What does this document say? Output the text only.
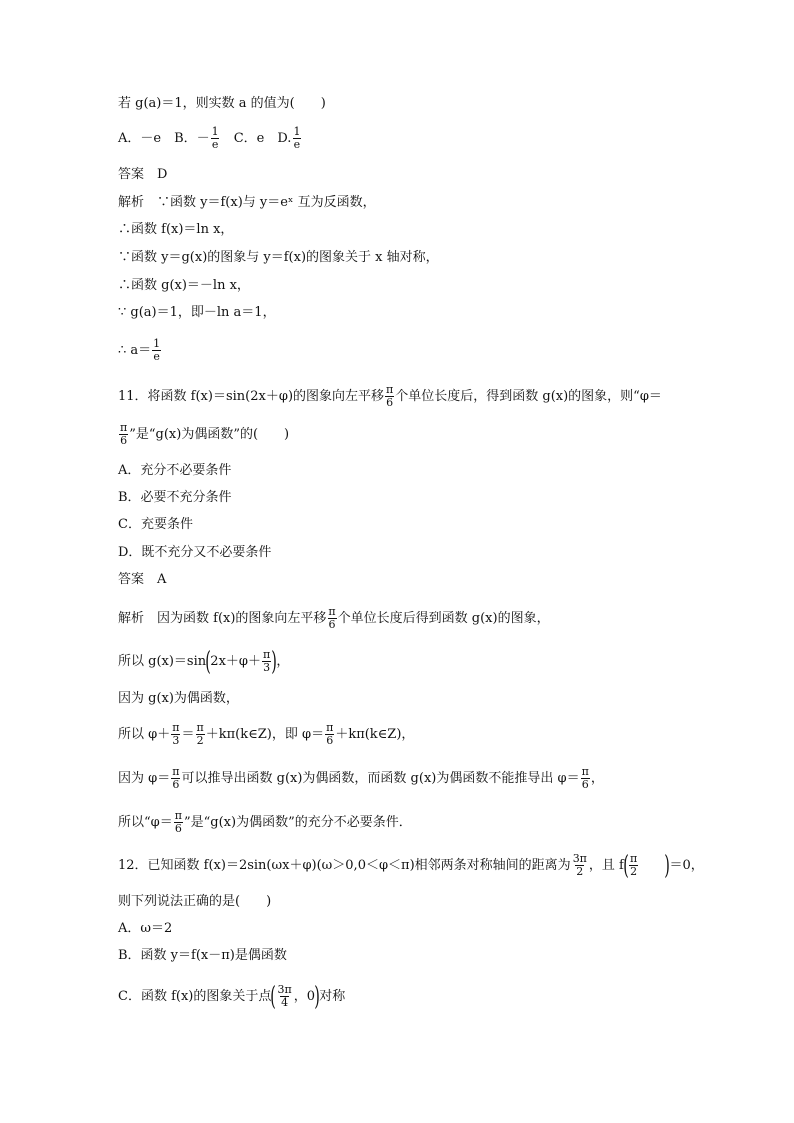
若 g(a)＝1，则实数 a 的值为(　　)
A．－e　 B．－ $\frac{1}{e}$
　 C．e　 D. $\frac{1}{e}$
答案　D
解析　∵函数 y＝f(x)与 y＝eˣ 互为反函数，
∴函数 f(x)＝ln x，
∵函数 y＝g(x)的图象与 y＝f(x)的图象关于 x 轴对称，
∴函数 g(x)＝－ln x，
∵ g(a)＝1，即－ln a＝1，
∴ $a= \frac{1}{e}$
11．将函数 f(x)＝sin(2x＋φ)的图象向左平移 $\frac{\pi}{6}$ 个单位长度后，得到函数 g(x)的图象，则“φ＝
$\frac{\pi}{6}$ ”是“g(x)为偶函数”的(　　)
A．充分不必要条件
B．必要不充分条件
C．充要条件
D．既不充分又不必要条件
答案　A
解析　因为函数 f(x)的图象向左平移 $\frac{\pi}{6}$ 个单位长度后得到函数 g(x)的图象，
所以 $g(x)=\sin(2x+\varphi+ \frac{\pi}{3}$ )，
因为 g(x)为偶函数，
所以 $\varphi+ \frac{\pi}{3} = \frac{\pi}{2}$ ＋kπ(k∈Z)，即 $\varphi= \frac{\pi}{6}$ ＋kπ(k∈Z)，
因为 $\varphi= \frac{\pi}{6}$ 可以推导出函数 g(x)为偶函数，而函数 g(x)为偶函数不能推导出 $\varphi= \frac{\pi}{6}$ ，
所以“$\varphi= \frac{\pi}{6}$ ”是“g(x)为偶函数”的充分不必要条件．
12．已知函数 f(x)＝2sin(ωx＋φ)(ω＞0,0＜φ＜π)相邻两条对称轴间的距离为 $\frac{3\pi}{2}$ ，且 $f( \frac{\pi}{2}$
　　 )＝0，
则下列说法正确的是(　　)
A．ω＝2
B．函数 y＝f(x－π)是偶函数
C．函数 f(x)的图象关于点( $\frac{3\pi}{4}$ ，0)对称
